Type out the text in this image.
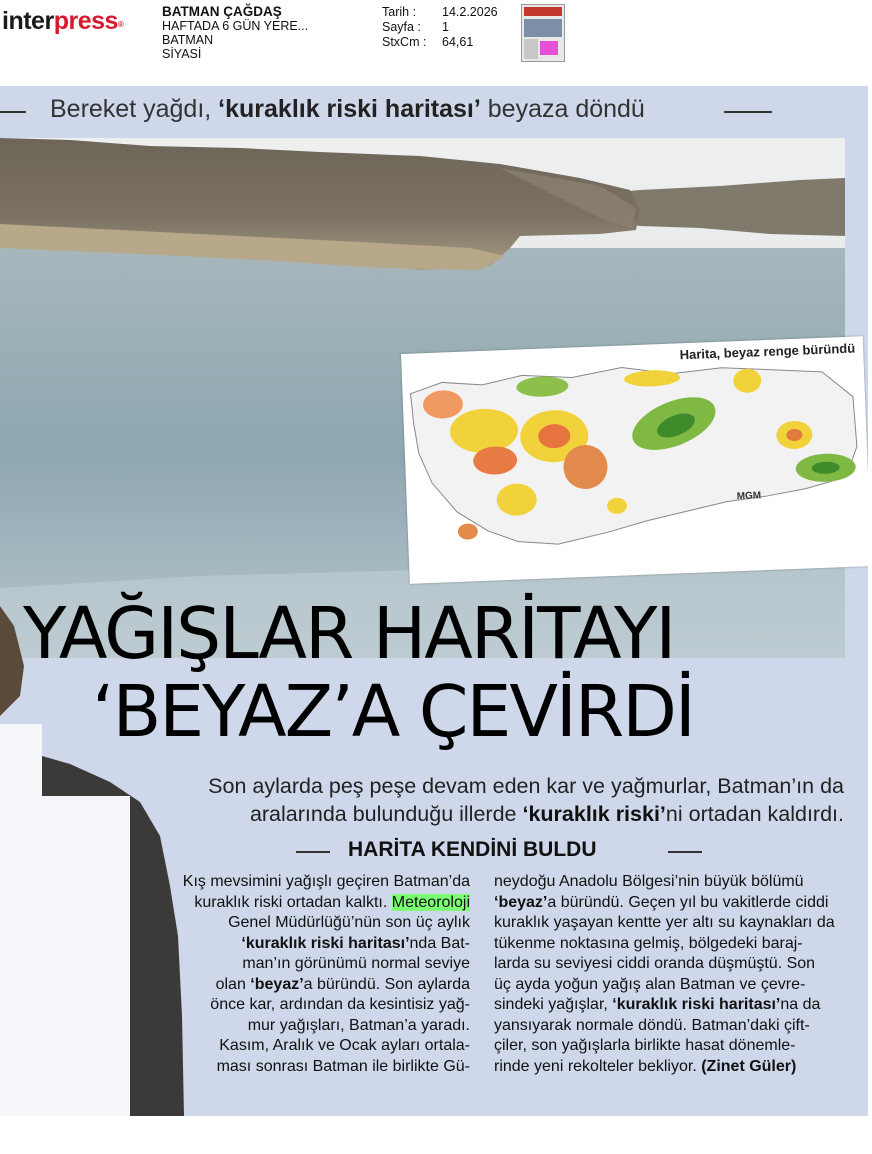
interpress®
BATMAN ÇAĞDAŞ
HAFTADA 6 GÜN YERE...
BATMAN
SİYASİ
Tarih :	14.2.2026
Sayfa :	1
StxCm :	64,61
Bereket yağdı, ‘kuraklık riski haritası’ beyaza döndü
Harita, beyaz renge büründü
MGM
YAĞIŞLAR HARİTAYI
‘BEYAZ’A ÇEVİRDİ
Son aylarda peş peşe devam eden kar ve yağmurlar, Batman’ın da
aralarında bulunduğu illerde ‘kuraklık riski’ni ortadan kaldırdı.
HARİTA KENDİNİ BULDU

Kış mevsimini yağışlı geçiren Batman’da

kuraklık riski ortadan kalktı. Meteoroloji

Genel Müdürlüğü’nün son üç aylık

‘kuraklık riski haritası’nda Bat-

man’ın görünümü normal seviye

olan ‘beyaz’a büründü. Son aylarda

önce kar, ardından da kesintisiz yağ-

mur yağışları, Batman’a yaradı.

Kasım, Aralık ve Ocak ayları ortala-

ması sonrası Batman ile birlikte Gü-

neydoğu Anadolu Bölgesi’nin büyük bölümü

‘beyaz’a büründü. Geçen yıl bu vakitlerde ciddi

kuraklık yaşayan kentte yer altı su kaynakları da

tükenme noktasına gelmiş, bölgedeki baraj-

larda su seviyesi ciddi oranda düşmüştü. Son

üç ayda yoğun yağış alan Batman ve çevre-

sindeki yağışlar, ‘kuraklık riski haritası’na da

yansıyarak normale döndü. Batman’daki çift-

çiler, son yağışlarla birlikte hasat dönemle-

rinde yeni rekolteler bekliyor. (Zinet Güler)
